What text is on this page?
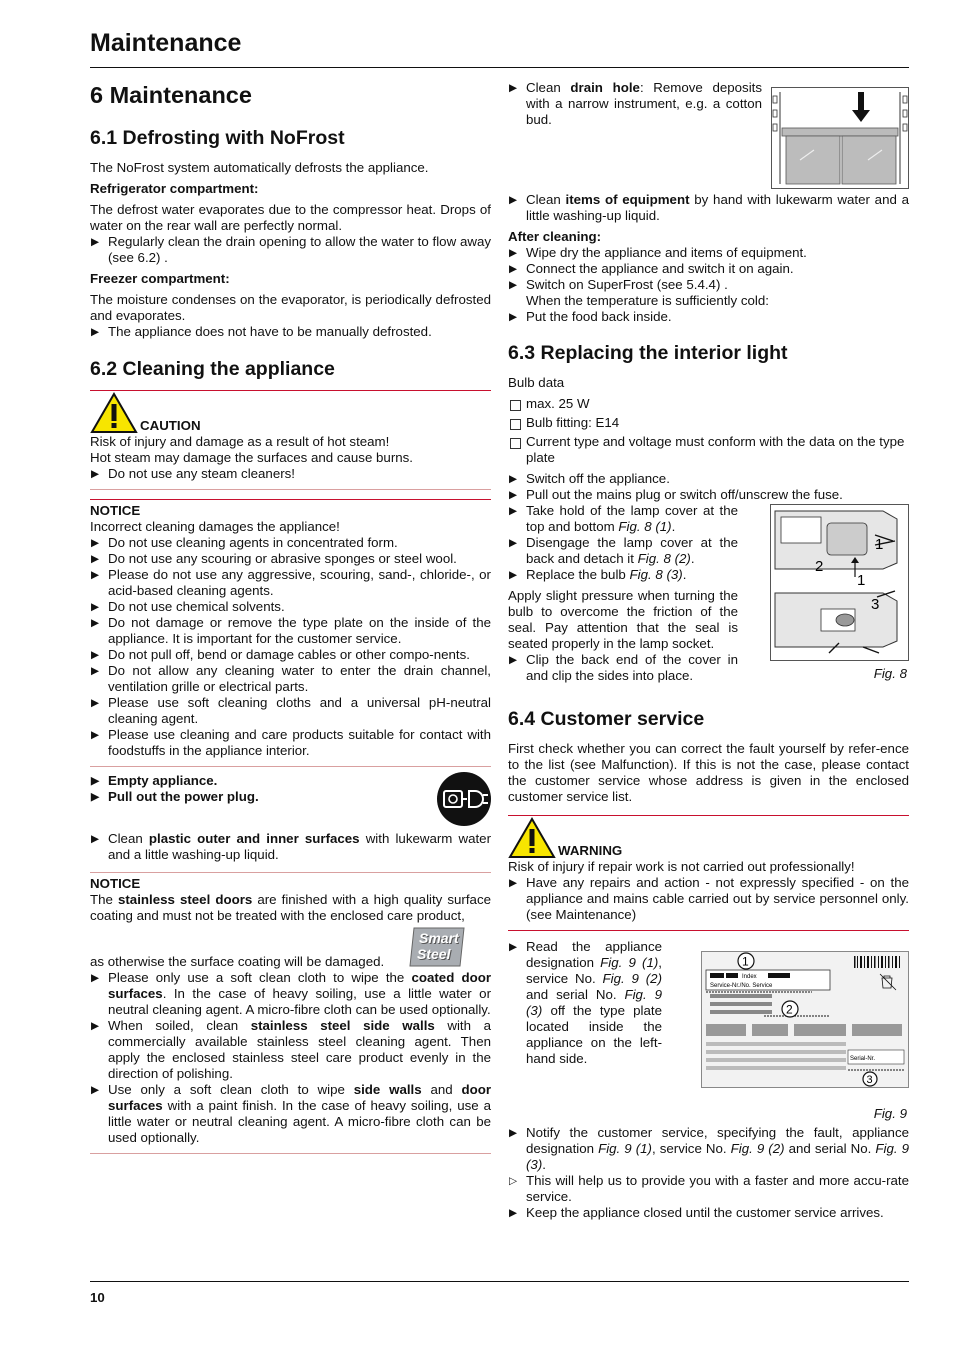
Maintenance
6 Maintenance
6.1 Defrosting with NoFrost

The NoFrost system automatically defrosts the appliance.

Refrigerator compartment:

The defrost water evaporates due to the compressor heat. Drops of water on the rear wall are perfectly normal.

▶ Regularly clean the drain opening to allow the water to flow away (see 6.2) .

Freezer compartment:

The moisture condenses on the evaporator, is periodically defrosted and evaporates.

▶ The appliance does not have to be manually defrosted.
6.2 Cleaning the appliance
CAUTION

Risk of injury and damage as a result of hot steam!

Hot steam may damage the surfaces and cause burns.

▶ Do not use any steam cleaners!

NOTICE

Incorrect cleaning damages the appliance!

▶ Do not use cleaning agents in concentrated form.
▶ Do not use any scouring or abrasive sponges or steel wool.
▶ Please do not use any aggressive, scouring, sand-, chloride-, or acid-based cleaning agents.
▶ Do not use chemical solvents.
▶ Do not damage or remove the type plate on the inside of the appliance. It is important for the customer service.
▶ Do not pull off, bend or damage cables or other compo-nents.
▶ Do not allow any cleaning water to enter the drain channel, ventilation grille or electrical parts.
▶ Please use soft cleaning cloths and a universal pH-neutral cleaning agent.
▶ Please use cleaning and care products suitable for contact with foodstuffs in the appliance interior.
▶ Empty appliance.
▶ Pull out the power plug.
▶ Clean plastic outer and inner surfaces with lukewarm water and a little washing-up liquid.

NOTICE

The stainless steel doors are finished with a high quality surface coating and must not be treated with the enclosed care product,

as otherwise the surface coating will be damaged.

Smart
Steel
▶ Please only use a soft clean cloth to wipe the coated door surfaces. In the case of heavy soiling, use a little water or neutral cleaning agent. A micro-fibre cloth can be used optionally.
▶ When soiled, clean stainless steel side walls with a commercially available stainless steel cleaning agent. Then apply the enclosed stainless steel care product evenly in the direction of polishing.
▶ Use only a soft clean cloth to wipe side walls and door surfaces with a paint finish. In the case of heavy soiling, use a little water or neutral cleaning agent. A micro-fibre cloth can be used optionally.
▶ Clean drain hole: Remove deposits with a narrow instrument, e.g. a cotton bud.
▶ Clean items of equipment by hand with lukewarm water and a little washing-up liquid.

After cleaning:

▶ Wipe dry the appliance and items of equipment.
▶ Connect the appliance and switch it on again.
▶ Switch on SuperFrost (see 5.4.4) .

When the temperature is sufficiently cold:

▶ Put the food back inside.
6.3 Replacing the interior light

Bulb data

max. 25 W
Bulb fitting: E14
Current type and voltage must conform with the data on the type plate
▶ Switch off the appliance.
▶ Pull out the mains plug or switch off/unscrew the fuse.
▶ Take hold of the lamp cover at the top and bottom Fig. 8 (1).
▶ Disengage the lamp cover at the back and detach it Fig. 8 (2).
▶ Replace the bulb Fig. 8 (3).

Apply slight pressure when turning the bulb to overcome the friction of the seal. Pay attention that the seal is seated properly in the lamp socket.

▶ Clip the back end of the cover in and clip the sides into place.
1
2
1
3
Fig. 8
6.4 Customer service

First check whether you can correct the fault yourself by refer-ence to the list (see Malfunction). If this is not the case, please contact the customer service whose address is given in the enclosed customer service list.

WARNING

Risk of injury if repair work is not carried out professionally!

▶ Have any repairs and action - not expressly specified - on the appliance and mains cable carried out by service personnel only. (see Maintenance)
▶ Read the appliance designation Fig. 9 (1), service No. Fig. 9 (2) and serial No. Fig. 9 (3) off the type plate located inside the appliance on the left-hand side.
Index
Service-Nr./No. Service
Serial-Nr.
1
2
3
Fig. 9
▶ Notify the customer service, specifying the fault, appliance designation Fig. 9 (1), service No. Fig. 9 (2) and serial No. Fig. 9 (3).
▷ This will help us to provide you with a faster and more accu-rate service.
▶ Keep the appliance closed until the customer service arrives.
10
